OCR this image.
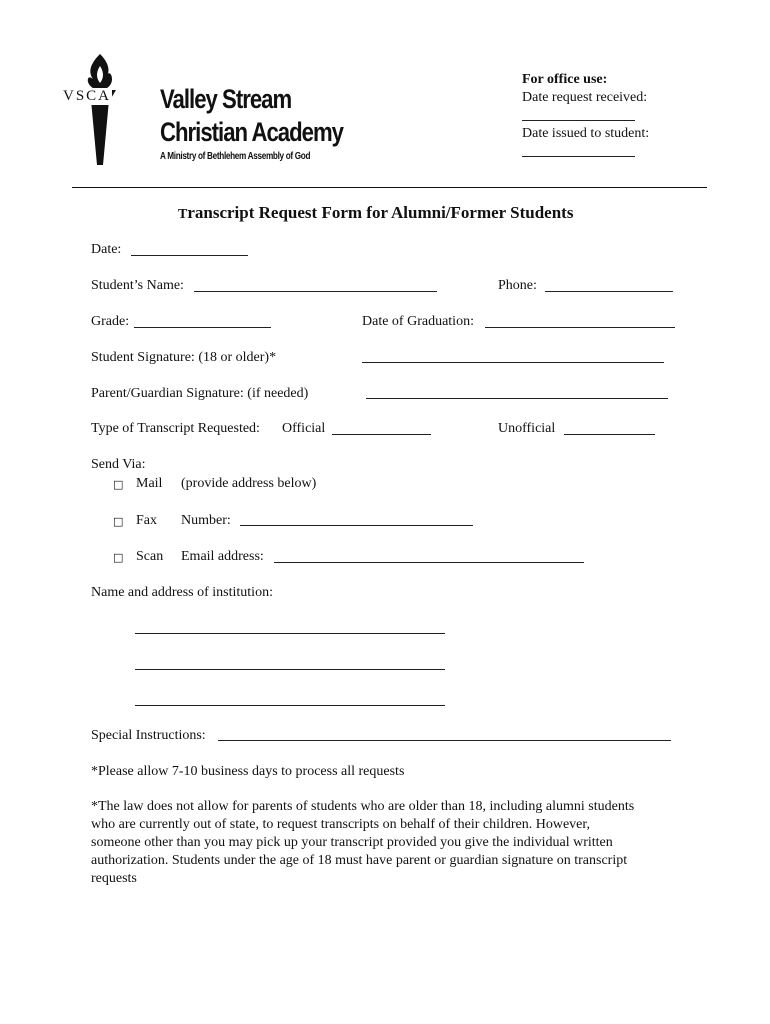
VSCA Valley Stream
Christian Academy
A Ministry of Bethlehem Assembly of God
For office use:
Date request received:
Date issued to student:
Transcript Request Form for Alumni/Former Students
Date:
Student’s Name:	Phone:
Grade:	Date of Graduation:
Student Signature: (18 or older)*
Parent/Guardian Signature: (if needed)
Type of Transcript Requested: Official	Unofficial
Send Via:
□ Mail (provide address below)
□ Fax Number:
□ Scan Email address:
Name and address of institution:
Special Instructions:
*Please allow 7-10 business days to process all requests
*The law does not allow for parents of students who are older than 18, including alumni students
who are currently out of state, to request transcripts on behalf of their children. However,
someone other than you may pick up your transcript provided you give the individual written
authorization. Students under the age of 18 must have parent or guardian signature on transcript
requests
